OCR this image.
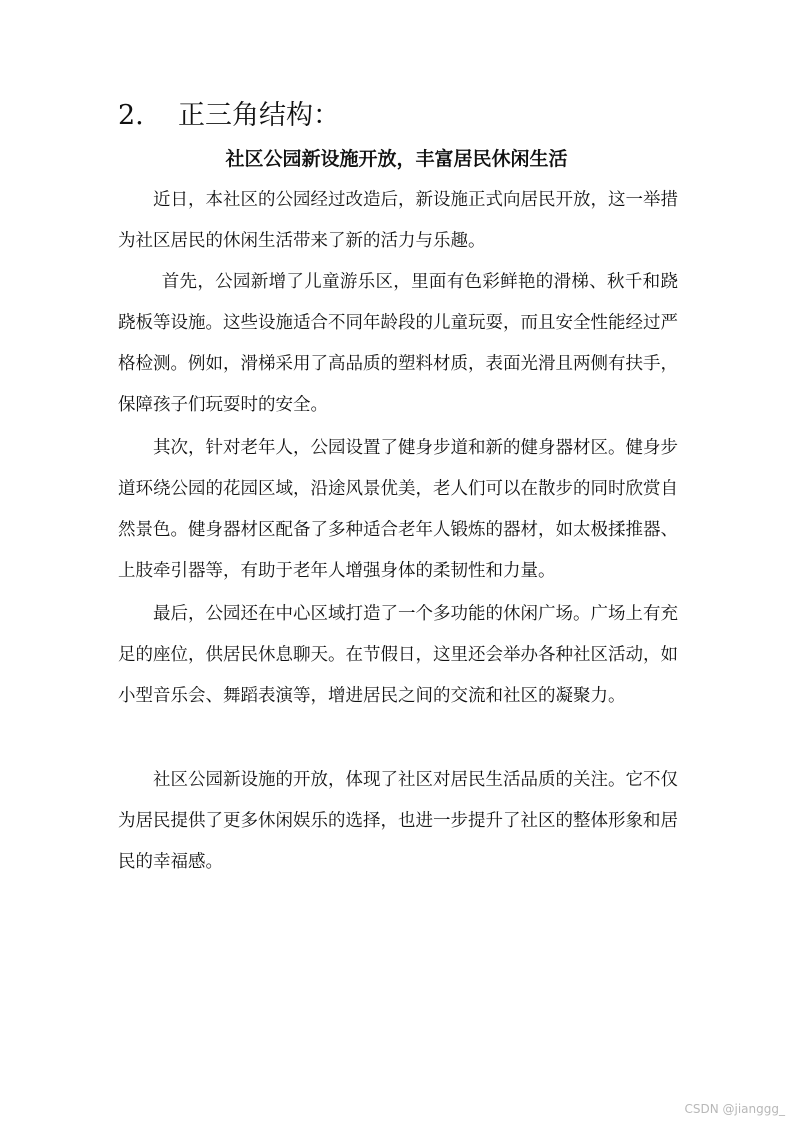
2. 正三角结构：
社区公园新设施开放，丰富居民休闲生活

近日，本社区的公园经过改造后，新设施正式向居民开放，这一举措为社区居民的休闲生活带来了新的活力与乐趣。

首先，公园新增了儿童游乐区，里面有色彩鲜艳的滑梯、秋千和跷跷板等设施。这些设施适合不同年龄段的儿童玩耍，而且安全性能经过严格检测。例如，滑梯采用了高品质的塑料材质，表面光滑且两侧有扶手，保障孩子们玩耍时的安全。

其次，针对老年人，公园设置了健身步道和新的健身器材区。健身步道环绕公园的花园区域，沿途风景优美，老人们可以在散步的同时欣赏自然景色。健身器材区配备了多种适合老年人锻炼的器材，如太极揉推器、上肢牵引器等，有助于老年人增强身体的柔韧性和力量。

最后，公园还在中心区域打造了一个多功能的休闲广场。广场上有充足的座位，供居民休息聊天。在节假日，这里还会举办各种社区活动，如小型音乐会、舞蹈表演等，增进居民之间的交流和社区的凝聚力。

社区公园新设施的开放，体现了社区对居民生活品质的关注。它不仅为居民提供了更多休闲娱乐的选择，也进一步提升了社区的整体形象和居民的幸福感。

CSDN @jianggg_
